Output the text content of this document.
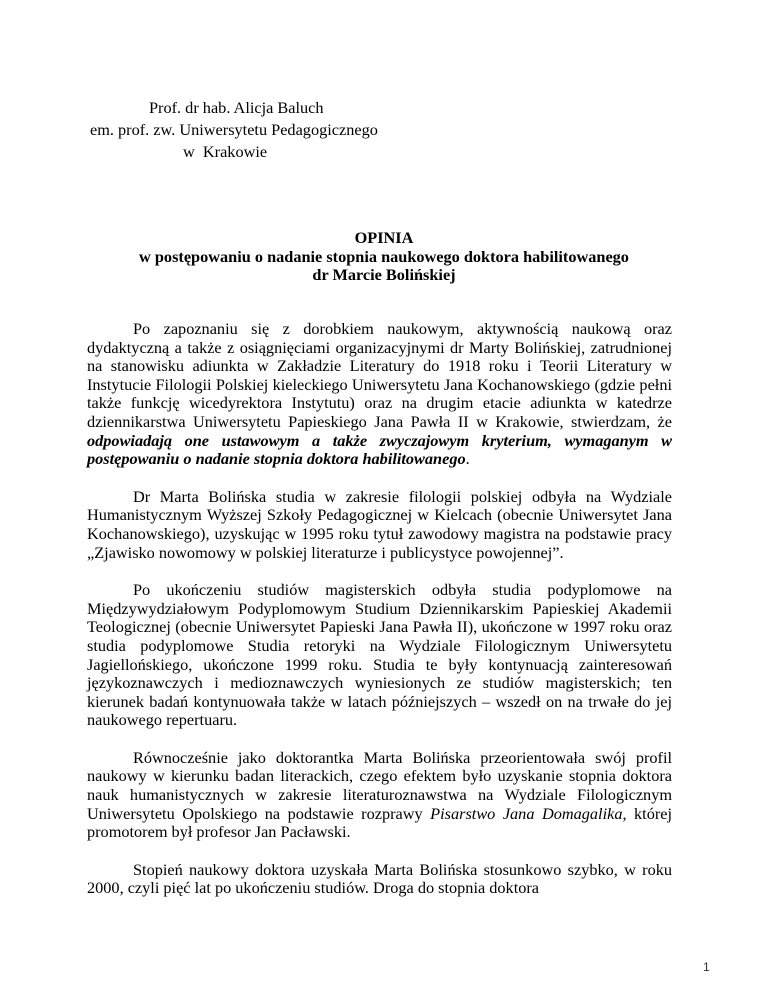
Prof. dr hab. Alicja Baluch
em. prof. zw. Uniwersytetu Pedagogicznego
w  Krakowie
OPINIA
w postępowaniu o nadanie stopnia naukowego doktora habilitowanego
dr Marcie Bolińskiej

Po zapoznaniu się z dorobkiem naukowym, aktywnością naukową oraz dydaktyczną a także z osiągnięciami organizacyjnymi dr Marty Bolińskiej, zatrudnionej na stanowisku adiunkta w Zakładzie Literatury do 1918 roku i Teorii Literatury w Instytucie Filologii Polskiej kieleckiego Uniwersytetu Jana Kochanowskiego (gdzie pełni także funkcję wicedyrektora Instytutu) oraz na drugim etacie adiunkta w katedrze dziennikarstwa Uniwersytetu Papieskiego Jana Pawła II w Krakowie, stwierdzam, że odpowiadają one ustawowym a także zwyczajowym kryterium, wymaganym w postępowaniu o nadanie stopnia doktora habilitowanego.

Dr Marta Bolińska studia w zakresie filologii polskiej odbyła na Wydziale Humanistycznym Wyższej Szkoły Pedagogicznej w Kielcach (obecnie Uniwersytet Jana Kochanowskiego), uzyskując w 1995 roku tytuł zawodowy magistra na podstawie pracy „Zjawisko nowomowy w polskiej literaturze i publicystyce powojennej”.

Po ukończeniu studiów magisterskich odbyła studia podyplomowe na Międzywydziałowym Podyplomowym Studium Dziennikarskim Papieskiej Akademii Teologicznej (obecnie Uniwersytet Papieski Jana Pawła II), ukończone w 1997 roku oraz studia podyplomowe Studia retoryki na Wydziale Filologicznym Uniwersytetu Jagiellońskiego, ukończone 1999 roku. Studia te były kontynuacją zainteresowań językoznawczych i medioznawczych wyniesionych ze studiów magisterskich; ten kierunek badań kontynuowała także w latach późniejszych – wszedł on na trwałe do jej naukowego repertuaru.

Równocześnie jako doktorantka Marta Bolińska przeorientowała swój profil naukowy w kierunku badan literackich, czego efektem było uzyskanie stopnia doktora nauk humanistycznych w zakresie literaturoznawstwa na Wydziale Filologicznym Uniwersytetu Opolskiego na podstawie rozprawy Pisarstwo Jana Domagalika, której promotorem był profesor Jan Pacławski.

Stopień naukowy doktora uzyskała Marta Bolińska stosunkowo szybko, w roku 2000, czyli pięć lat po ukończeniu studiów. Droga do stopnia doktora

1
